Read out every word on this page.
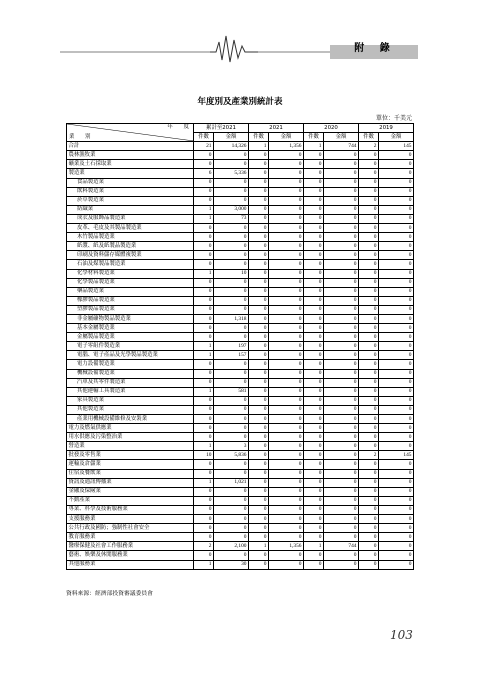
附 錄
年度別及產業別統計表
單位：千美元
年　　度
業　　別	累計至2021		2021		2020		2019	
	件數	金額	件數	金額	件數	金額	件數	金額
合計	21	14,326	1	1,356	1	744	2	145
農林漁牧業	0	0	0	0	0	0	0	0
礦業及土石採取業	0	0	0	0	0	0	0	0
製造業	6	5,336	0	0	0	0	0	0
食品製造業	0	0	0	0	0	0	0	0
飲料製造業	0	0	0	0	0	0	0	0
菸草製造業	0	0	0	0	0	0	0	0
紡織業	1	3,000	0	0	0	0	0	0
成衣及服飾品製造業	1	73	0	0	0	0	0	0
皮革、毛皮及其製品製造業	0	0	0	0	0	0	0	0
木竹製品製造業	0	0	0	0	0	0	0	0
紙漿、紙及紙製品製造業	0	0	0	0	0	0	0	0
印刷及資料儲存媒體複製業	0	0	0	0	0	0	0	0
石油及煤製品製造業	0	0	0	0	0	0	0	0
化學材料製造業	1	10	0	0	0	0	0	0
化學製品製造業	0	0	0	0	0	0	0	0
藥品製造業	0	0	0	0	0	0	0	0
橡膠製品製造業	0	0	0	0	0	0	0	0
塑膠製品製造業	0	0	0	0	0	0	0	0
非金屬礦物製品製造業	0	1,318	0	0	0	0	0	0
基本金屬製造業	0	0	0	0	0	0	0	0
金屬製品製造業	0	0	0	0	0	0	0	0
電子零組件製造業	1	197	0	0	0	0	0	0
電腦、電子產品及光學製品製造業	1	157	0	0	0	0	0	0
電力設備製造業	0	0	0	0	0	0	0	0
機械設備製造業	0	0	0	0	0	0	0	0
汽車及其零件製造業	0	0	0	0	0	0	0	0
其他運輸工具製造業	1	581	0	0	0	0	0	0
家具製造業	0	0	0	0	0	0	0	0
其他製造業	0	0	0	0	0	0	0	0
產業用機械設備維修及安裝業	0	0	0	0	0	0	0	0
電力及燃氣供應業	0	0	0	0	0	0	0	0
用水供應及污染整治業	0	0	0	0	0	0	0	0
營造業	1	3	0	0	0	0	0	0
批發及零售業	10	5,836	0	0	0	0	2	145
運輸及倉儲業	0	0	0	0	0	0	0	0
住宿及餐飲業	0	0	0	0	0	0	0	0
資訊及通訊傳播業	1	1,021	0	0	0	0	0	0
金融及保險業	0	0	0	0	0	0	0	0
不動產業	0	0	0	0	0	0	0	0
專業、科學及技術服務業	0	0	0	0	0	0	0	0
支援服務業	0	0	0	0	0	0	0	0
公共行政及國防；強制性社會安全	0	0	0	0	0	0	0	0
教育服務業	0	0	0	0	0	0	0	0
醫療保健及社會工作服務業	2	2,100	1	1,356	1	744	0	0
藝術、娛樂及休閒服務業	0	0	0	0	0	0	0	0
其他服務業	1	30	0	0	0	0	0	0
資料來源：經濟部投資審議委員會
103
